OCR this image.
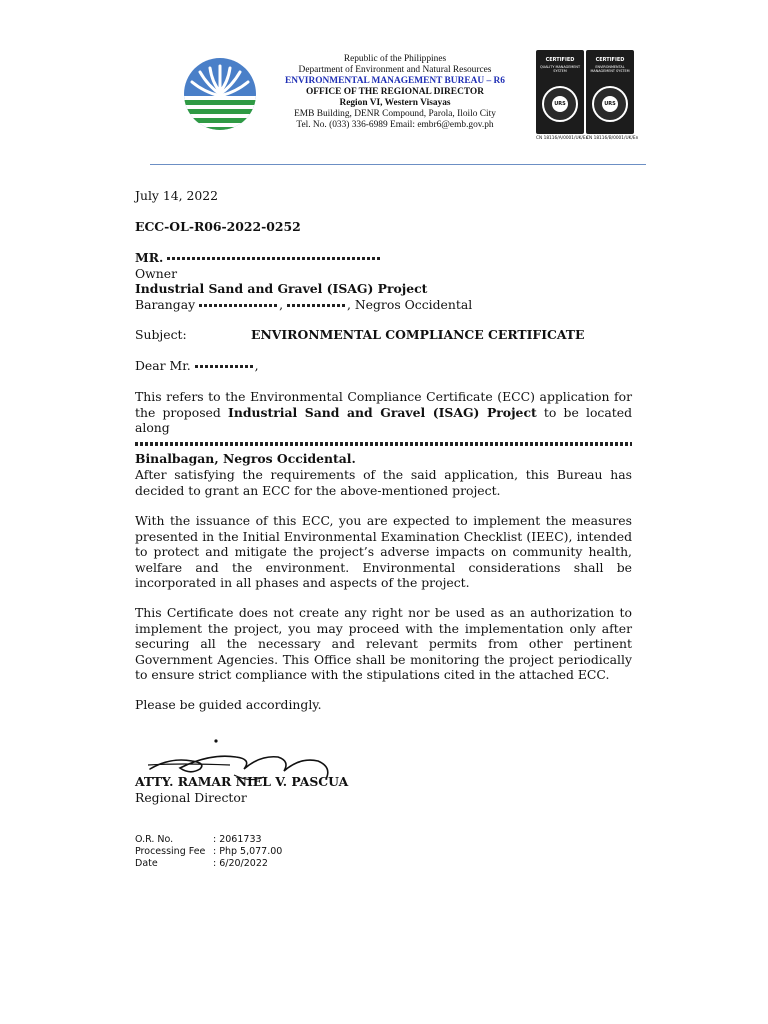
Republic of the Philippines
Department of Environment and Natural Resources
ENVIRONMENTAL MANAGEMENT BUREAU – R6
OFFICE OF THE REGIONAL DIRECTOR
Region VI, Western Visayas
EMB Building, DENR Compound, Parola, Iloilo City
Tel. No. (033) 336-6989 Email: embr6@emb.gov.ph
CERTIFIED
QUALITY MANAGEMENT SYSTEM
URS
CERTIFIED
ENVIRONMENTAL MANAGEMENT SYSTEM
URS
CN 18116/A/0001/UK/En
CN 18116/B/0001/UK/En
July 14, 2022
ECC-OL-R06-2022-0252
MR.
Owner
Industrial Sand and Gravel (ISAG) Project
Barangay	,	, Negros Occidental
Subject:	ENVIRONMENTAL COMPLIANCE CERTIFICATE
Dear Mr.	,
This refers to the Environmental Compliance Certificate (ECC) application for the proposed Industrial Sand and Gravel (ISAG) Project to be located along
Binalbagan, Negros Occidental.
After satisfying the requirements of the said application, this Bureau has decided to grant an ECC for the above-mentioned project.
With the issuance of this ECC, you are expected to implement the measures presented in the Initial Environmental Examination Checklist (IEEC), intended to protect and mitigate the project’s adverse impacts on community health, welfare and the environment. Environmental considerations shall be incorporated in all phases and aspects of the project.
This Certificate does not create any right nor be used as an authorization to implement the project, you may proceed with the implementation only after securing all the necessary and relevant permits from other pertinent Government Agencies. This Office shall be monitoring the project periodically to ensure strict compliance with the stipulations cited in the attached ECC.
Please be guided accordingly.
ATTY. RAMAR NIEL V. PASCUA
Regional Director
O.R. No.	: 2061733
Processing Fee : Php 5,077.00
Date	: 6/20/2022
